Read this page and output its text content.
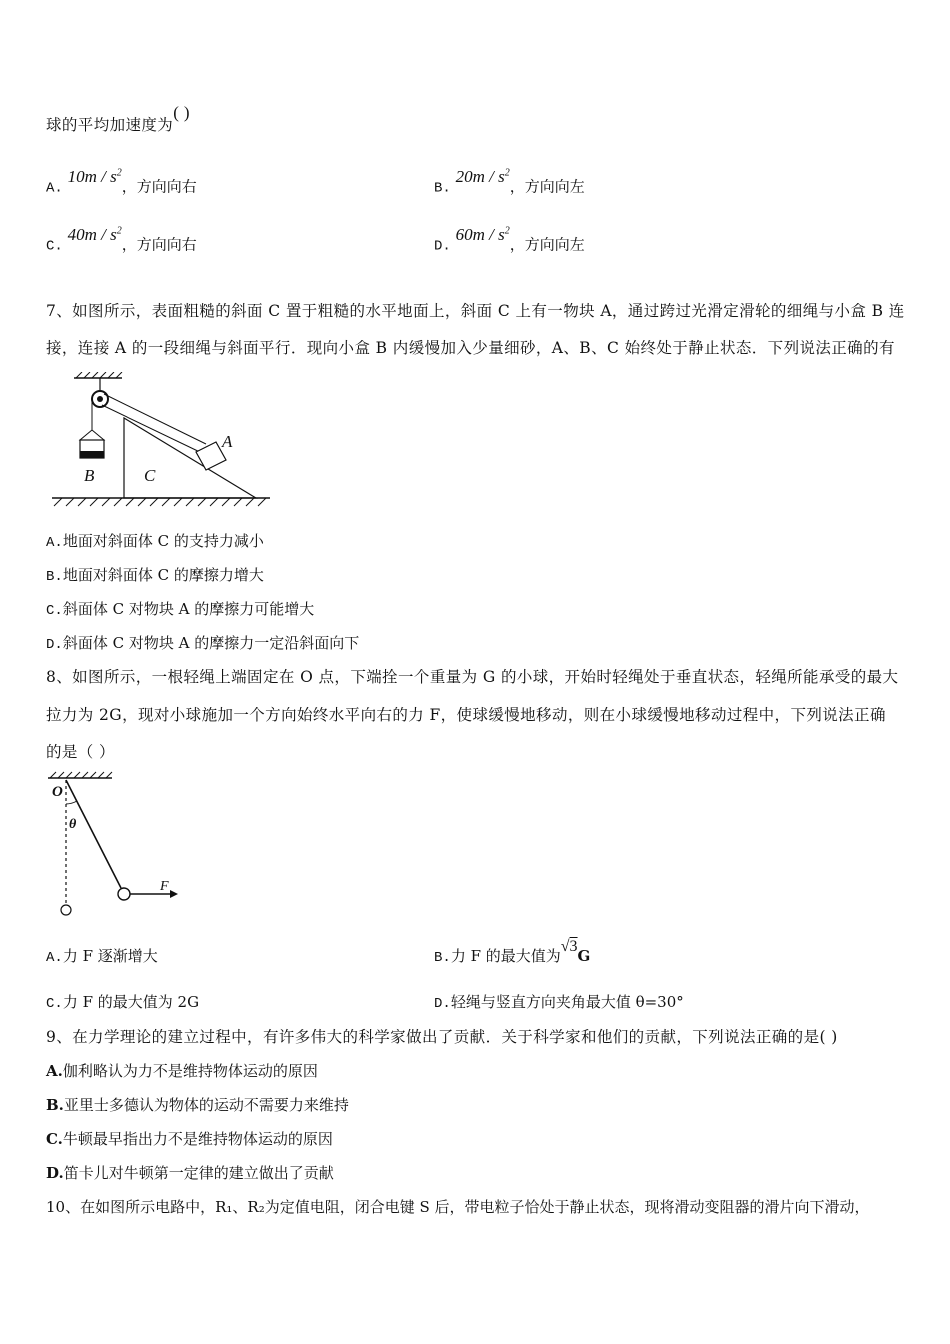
球的平均加速度为( )
A. $10m / s^2$，方向向右	B. $20m / s^2$，方向向左
C. $40m / s^2$，方向向右	D. $60m / s^2$，方向向左
7、如图所示，表面粗糙的斜面 C 置于粗糙的水平地面上，斜面 C 上有一物块 A，通过跨过光滑定滑轮的细绳与小盒 B 连
接，连接 A 的一段细绳与斜面平行．现向小盒 B 内缓慢加入少量细砂，A、B、C 始终处于静止状态．下列说法正确的有
A
B	C
A.地面对斜面体 C 的支持力减小
B.地面对斜面体 C 的摩擦力增大
C.斜面体 C 对物块 A 的摩擦力可能增大
D.斜面体 C 对物块 A 的摩擦力一定沿斜面向下
8、如图所示，一根轻绳上端固定在 O 点，下端拴一个重量为 G 的小球，开始时轻绳处于垂直状态，轻绳所能承受的最大
拉力为 2G，现对小球施加一个方向始终水平向右的力 F，使球缓慢地移动，则在小球缓慢地移动过程中，下列说法正确
的是（ ）
O
θ
F
A.力 F 逐渐增大	B.力 F 的最大值为√3G
C.力 F 的最大值为 2G	D.轻绳与竖直方向夹角最大值 θ=30°
9、在力学理论的建立过程中，有许多伟大的科学家做出了贡献．关于科学家和他们的贡献，下列说法正确的是( )
A.伽利略认为力不是维持物体运动的原因
B.亚里士多德认为物体的运动不需要力来维持
C.牛顿最早指出力不是维持物体运动的原因
D.笛卡儿对牛顿第一定律的建立做出了贡献
10、在如图所示电路中，R₁、R₂为定值电阻，闭合电键 S 后，带电粒子恰处于静止状态，现将滑动变阻器的滑片向下滑动，
